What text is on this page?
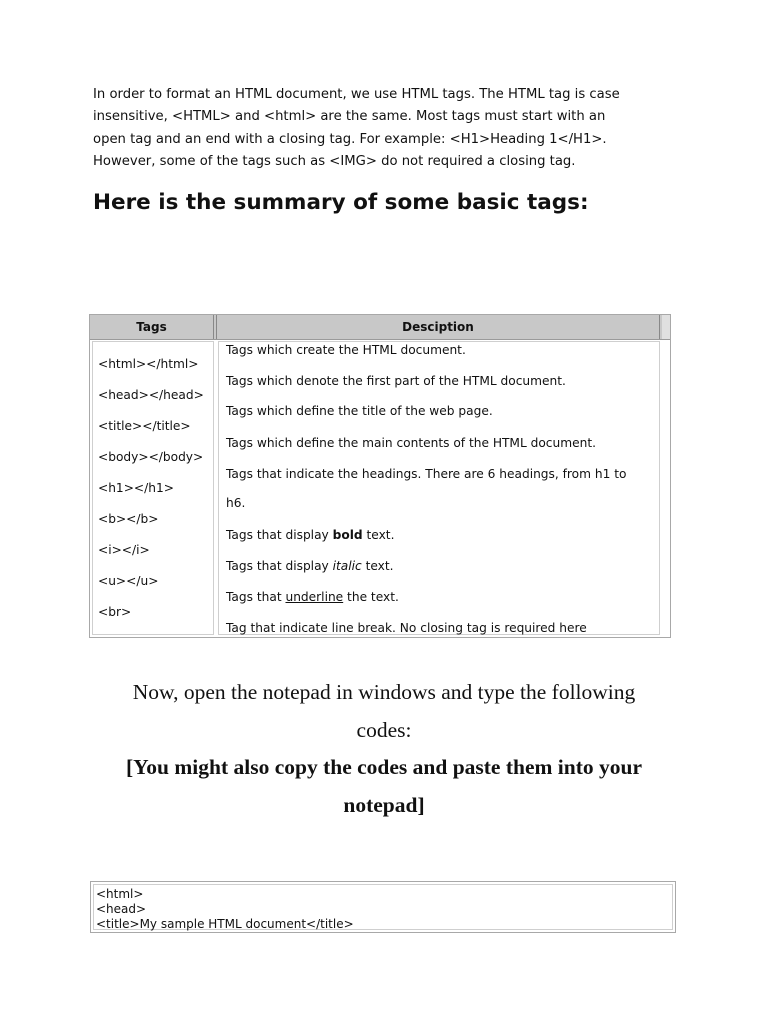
In order to format an HTML document, we use HTML tags. The HTML tag is case
insensitive, <HTML> and <html> are the same. Most tags must start with an
open tag and an end with a closing tag. For example: <H1>Heading 1</H1>.
However, some of the tags such as <IMG> do not required a closing tag.
Here is the summary of some basic tags:
Tags	Desciption
<html></html>
<head></head>
<title></title>
<body></body>
<h1></h1>
<b></b>
<i></i>
<u></u>
<br>
Tags which create the HTML document.
Tags which denote the first part of the HTML document.
Tags which define the title of the web page.
Tags which define the main contents of the HTML document.
Tags that indicate the headings. There are 6 headings, from h1 to
h6.
Tags that display bold text.
Tags that display italic text.
Tags that underline the text.
Tag that indicate line break. No closing tag is required here
Now, open the notepad in windows and type the following
codes:
[You might also copy the codes and paste them into your
notepad]
<html>
<head>
<title>My sample HTML document</title>
